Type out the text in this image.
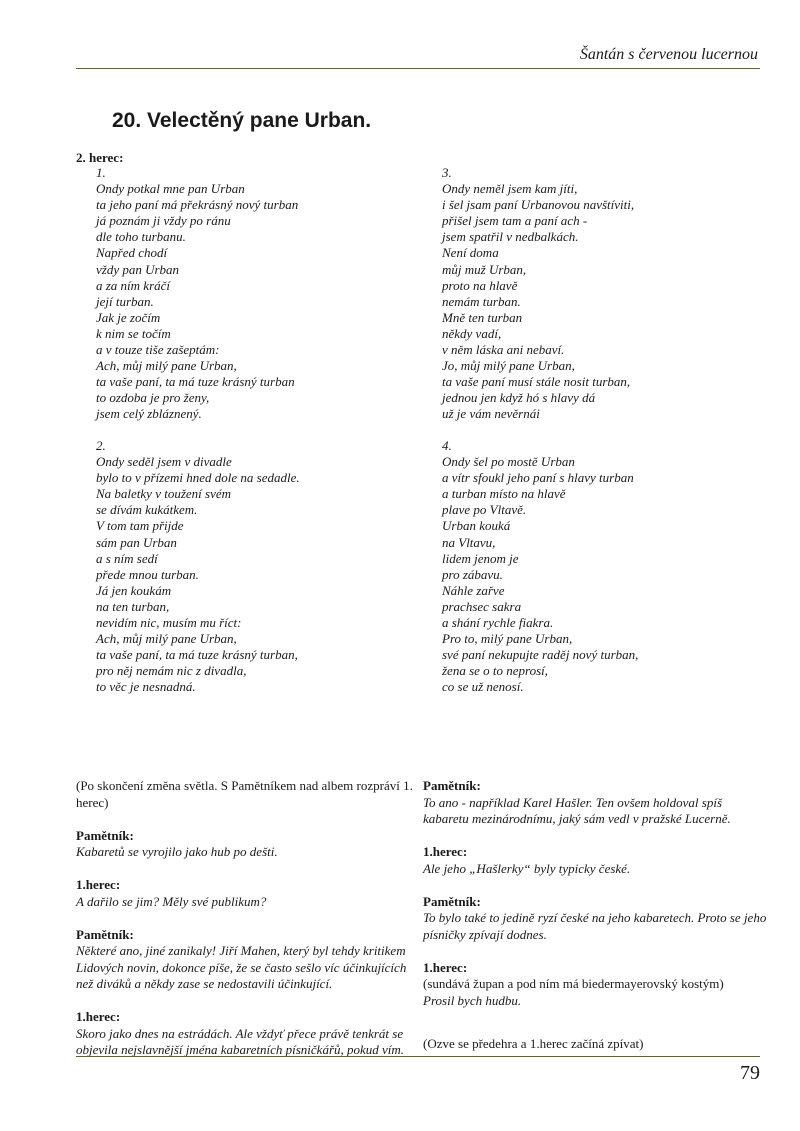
Šantán s červenou lucernou
20. Velectěný pane Urban.
2. herec:
1.
Ondy potkal mne pan Urban
ta jeho paní má překrásný nový turban
já poznám ji vždy po ránu
dle toho turbanu.
Napřed chodí
vždy pan Urban
a za ním kráčí
její turban.
Jak je zočím
k nim se točím
a v touze tiše zašeptám:
Ach, můj milý pane Urban,
ta vaše paní, ta má tuze krásný turban
to ozdoba je pro ženy,
jsem celý zbláznený.
2.
Ondy seděl jsem v divadle
bylo to v přízemi hned dole na sedadle.
Na baletky v toužení svém
se dívám kukátkem.
V tom tam přijde
sám pan Urban
a s ním sedí
přede mnou turban.
Já jen koukám
na ten turban,
nevidím nic, musím mu říct:
Ach, můj milý pane Urban,
ta vaše paní, ta má tuze krásný turban,
pro něj nemám nic z divadla,
to věc je nesnadná.
3.
Ondy neměl jsem kam jíti,
i šel jsam paní Urbanovou navštíviti,
přišel jsem tam a paní ach -
jsem spatřil v nedbalkách.
Není doma
můj muž Urban,
proto na hlavě
nemám turban.
Mně ten turban
někdy vadí,
v něm láska ani nebaví.
Jo, můj milý pane Urban,
ta vaše paní musí stále nosit turban,
jednou jen když hó s hlavy dá
už je vám nevěrnái
4.
Ondy šel po mostě Urban
a vítr sfoukl jeho paní s hlavy turban
a turban místo na hlavě
plave po Vltavě.
Urban kouká
na Vltavu,
lidem jenom je
pro zábavu.
Náhle zařve
prachsec sakra
a shání rychle fiakra.
Pro to, milý pane Urban,
své paní nekupujte raděj nový turban,
žena se o to neprosí,
co se už nenosí.
(Po skončení změna světla. S Pamětníkem nad albem rozpráví 1. herec)
Pamětník:
Kabaretů se vyrojilo jako hub po dešti.
1.herec:
A dařilo se jim? Měly své publikum?
Pamětník:
Některé ano, jiné zanikaly! Jiří Mahen, který byl tehdy kritikem Lidových novin, dokonce píše, že se často sešlo víc účinkujících než diváků a někdy zase se nedostavili účinkující.
1.herec:
Skoro jako dnes na estrádách. Ale vždyť přece právě tenkrát se objevila nejslavnější jména kabaretních písničkářů, pokud vím.
Pamětník:
To ano - například Karel Hašler. Ten ovšem holdoval spíš kabaretu mezinárodnímu, jaký sám vedl v pražské Lucerně.
1.herec:
Ale jeho „Hašlerky“ byly typicky české.
Pamětník:
To bylo také to jedině ryzí české na jeho kabaretech. Proto se jeho písničky zpívají dodnes.
1.herec:
(sundává župan a pod ním má biedermayerovský kostým)
Prosil bych hudbu.
(Ozve se předehra a 1.herec začíná zpívat)
79
